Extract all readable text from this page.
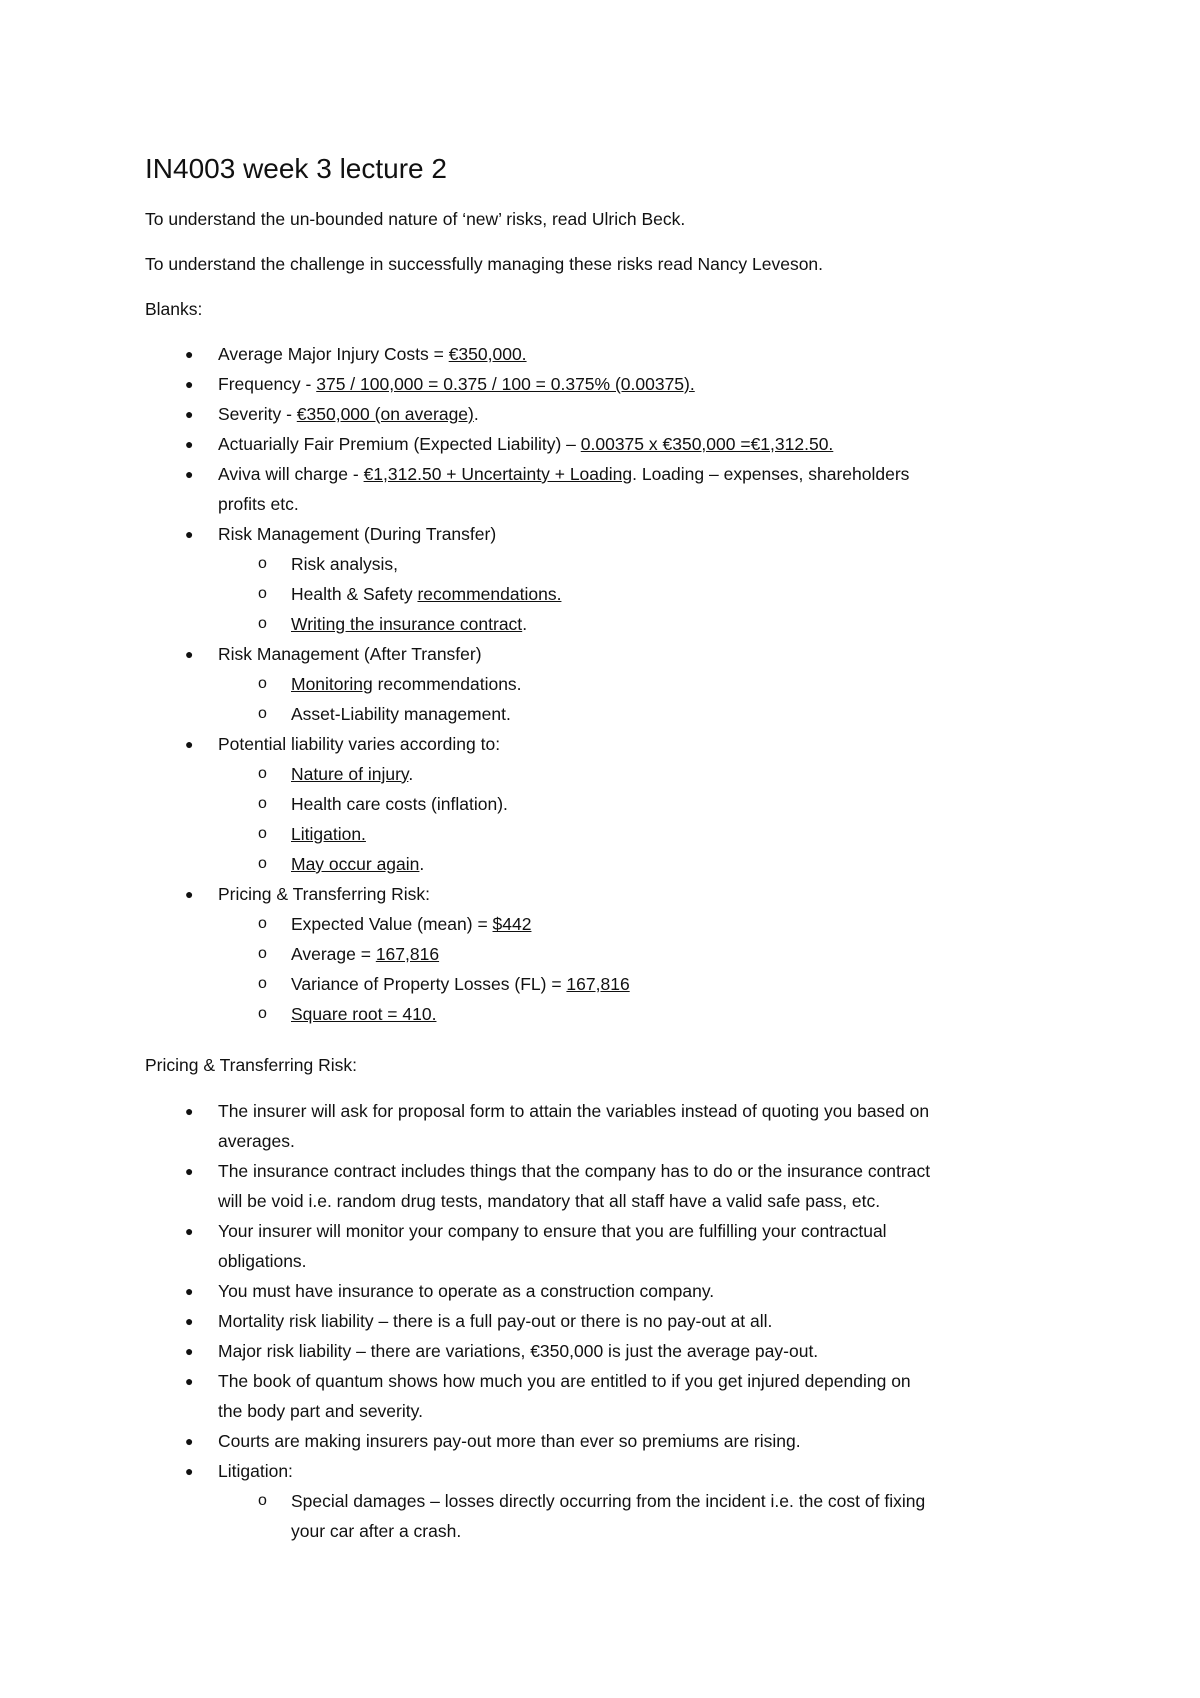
IN4003 week 3 lecture 2

To understand the un-bounded nature of ‘new’ risks, read Ulrich Beck.

To understand the challenge in successfully managing these risks read Nancy Leveson.

Blanks:

● Average Major Injury Costs = €350,000.
● Frequency - 375 / 100,000 = 0.375 / 100 = 0.375% (0.00375).
● Severity - €350,000 (on average).
● Actuarially Fair Premium (Expected Liability) – 0.00375 x €350,000 =€1,312.50.
● Aviva will charge - €1,312.50 + Uncertainty + Loading. Loading – expenses, shareholders
profits etc.
● Risk Management (During Transfer)
o Risk analysis,
o Health & Safety recommendations.
o Writing the insurance contract.
● Risk Management (After Transfer)
o Monitoring recommendations.
o Asset-Liability management.
● Potential liability varies according to:
o Nature of injury.
o Health care costs (inflation).
o Litigation.
o May occur again.
● Pricing & Transferring Risk:
o Expected Value (mean) = $442
o Average = 167,816
o Variance of Property Losses (FL) = 167,816
o Square root = 410.

Pricing & Transferring Risk:

● The insurer will ask for proposal form to attain the variables instead of quoting you based on
averages.
● The insurance contract includes things that the company has to do or the insurance contract
will be void i.e. random drug tests, mandatory that all staff have a valid safe pass, etc.
● Your insurer will monitor your company to ensure that you are fulfilling your contractual
obligations.
● You must have insurance to operate as a construction company.
● Mortality risk liability – there is a full pay-out or there is no pay-out at all.
● Major risk liability – there are variations, €350,000 is just the average pay-out.
● The book of quantum shows how much you are entitled to if you get injured depending on
the body part and severity.
● Courts are making insurers pay-out more than ever so premiums are rising.
● Litigation:
o Special damages – losses directly occurring from the incident i.e. the cost of fixing
your car after a crash.
